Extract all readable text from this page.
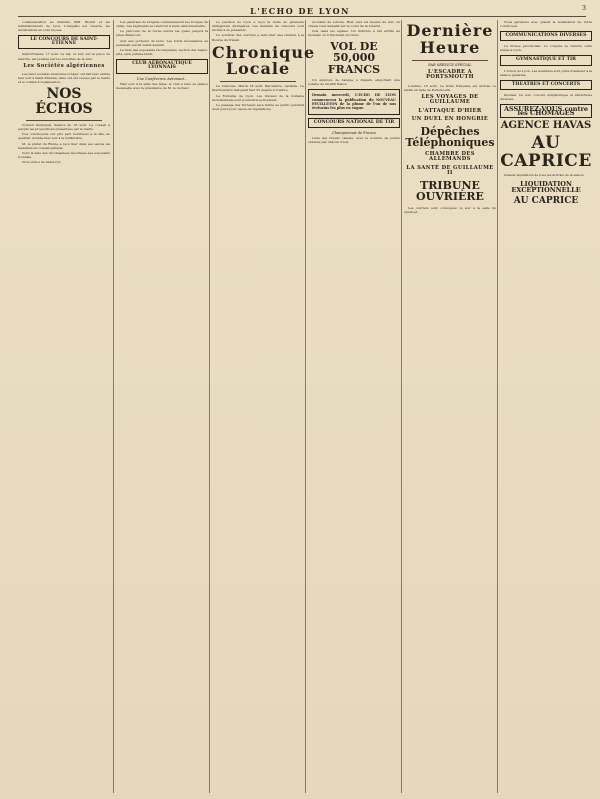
L'ECHO DE LYON	3
communication au ministre MM. Ricard et les administrateurs de Lyon. L'enquête est ouverte, les déclarations en sont reçues.
LE CONCOURS DE SAINT-ETIENNE
Saint-Etienne, 17 août. Le bal, ce soir, sur la place du marché, est présidé par les autorités de la ville.
Les Sociétés algériennes
Les deux sociétés musicales d'Alger ont fait leur entrée hier soir à Saint-Etienne; elles ont été reçues par le maire et le comité d'organisation.
NOS ÉCHOS
Conseil municipal. Séance du 16 août. Le conseil a adopté les propositions présentées par le maire.
Nos concitoyens ont pris part nombreux à la fête de quartier donnée hier soir à la Guillotière.
M. le préfet du Rhône a reçu hier dans ses salons les membres du conseil général.
Voici la liste des récompenses décernées aux exposants lyonnais.
Trois échos de Saint-Cyr.
Les généraux de brigade commanderont les troupes du camp. Les régiments se rendront à leurs cantonnements.
Le parcours de la revue suivra les quais jusqu'à la place Bellecour.
Avis aux porteurs de bons. Les fonds nécessaires au paiement seront remis demain.
La liste des exposants récompensés, section des beaux-arts, sera publiée lundi.
CLUB AÉRONAUTIQUE LYONNAIS
Une Conférence Aéronaut...
Hier soir, à la salle des fêtes, le club a tenu sa séance mensuelle sous la présidence de M. le docteur.
Le pavillon de Lyon a reçu la visite de plusieurs délégations étrangères. Les lauréats du concours sont invités à se présenter.
Le syndicat des ouvriers a tenu hier une réunion à la Bourse du travail.
Chronique Locale
La Canicule. Mardi 18 août. Baromètre, variable. Le thermomètre marquait hier 33 degrés à l'ombre.
La Fontaine de Lyon. Les travaux de la fontaine monumentale sont poursuivis activement.
Le passage des Terreaux sera fermé au public pendant deux jours pour cause de réparations.
Accident de voiture. Hier, vers six heures du soir, un cheval s'est emballé sur le cours de la Liberté.
Vols dans les églises. Un individu a été arrêté au moment où il fracturait un tronc.
VOL DE 50,000 FRANCS
Un employé de banque a disparu emportant une somme de 50,000 francs.
Demain mercredi, L'ECHO DE LYON commencera la publication du NOUVEAU FEUILLETON de la plume de l'un de nos écrivains les plus en vogue.
CONCOURS NATIONAL DE TIR
Championnat de France
Liste des tireurs classés, avec le nombre de points obtenus par chacun d'eux.
Dernière Heure
PAR SERVICE SPÉCIAL
L'ESCADRE A PORTSMOUTH
Londres, 18 août. La flotte française est arrivée ce matin en rade de Portsmouth.
LES VOYAGES DE GUILLAUME
L'ATTAQUE D'HIER
UN DUEL EN HONGRIE
Dépêches Téléphoniques
CHAMBRE DES ALLEMANDS
LA SANTÉ DE GUILLAUME II
TRIBUNE OUVRIÈRE
Les ouvriers sont convoqués ce soir à la salle du syndicat.
Nous aprenons avec plaisir la nomination de notre concitoyen.
COMMUNICATIONS DIVERSES
La Presse provinciale. Le congrès se tiendra cette année à Lyon.
GYMNASTIQUE ET TIR
L'Union de Lyon. Les membres sont priés d'assister à la séance générale.
THÉÂTRES ET CONCERTS
Kursaal. Ce soir, concert symphonique et attractions diverses.
ASSUREZ-VOUS contre les CHOMAGES
AGENCE HAVAS
AU CAPRICE
Grande liquidation de tous les articles de la saison.
LIQUIDATION EXCEPTIONNELLE
AU CAPRICE
